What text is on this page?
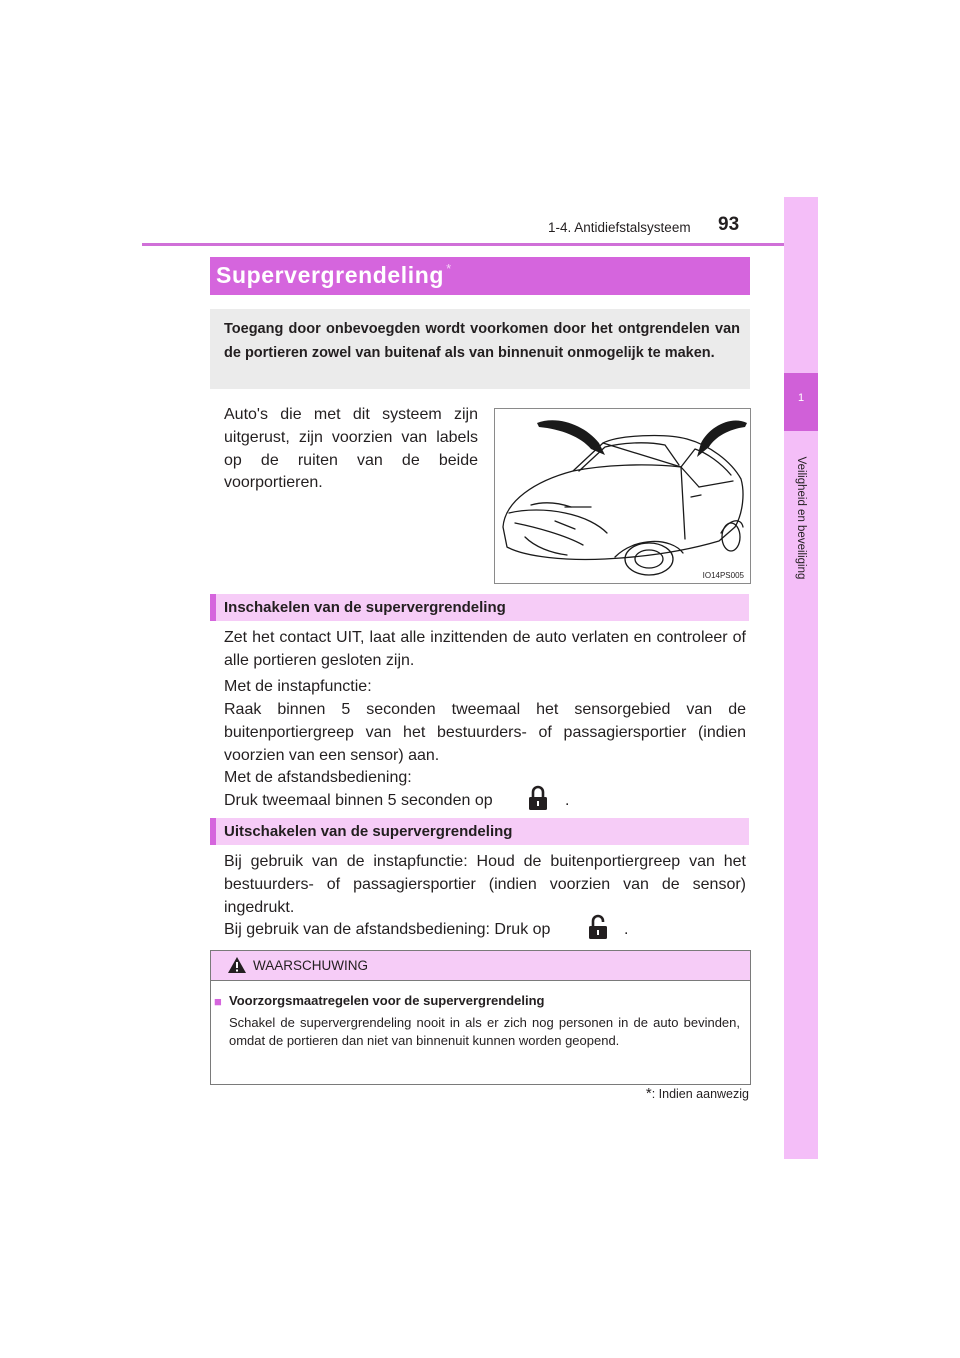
1-4. Antidiefstalsysteem 93
1
Veiligheid en beveiliging
Supervergrendeling *
Toegang door onbevoegden wordt voorkomen door het ontgrendelen van de portieren zowel van buitenaf als van binnenuit onmogelijk te maken.
Auto's die met dit systeem zijn uitgerust, zijn voorzien van labels op de ruiten van de beide voorportieren.
IO14PS005
Inschakelen van de supervergrendeling
Zet het contact UIT, laat alle inzittenden de auto verlaten en controleer of alle portieren gesloten zijn.
Met de instapfunctie:
Raak binnen 5 seconden tweemaal het sensorgebied van de buitenportiergreep van het bestuurders- of passagiersportier (indien voorzien van een sensor) aan.
Met de afstandsbediening:
Druk tweemaal binnen 5 seconden op	.
Uitschakelen van de supervergrendeling
Bij gebruik van de instapfunctie: Houd de buitenportiergreep van het bestuurders- of passagiersportier (indien voorzien van de sensor) ingedrukt.
Bij gebruik van de afstandsbediening: Druk op	.
WAARSCHUWING
■ Voorzorgsmaatregelen voor de supervergrendeling
Schakel de supervergrendeling nooit in als er zich nog personen in de auto bevinden, omdat de portieren dan niet van binnenuit kunnen worden geopend.
*: Indien aanwezig
